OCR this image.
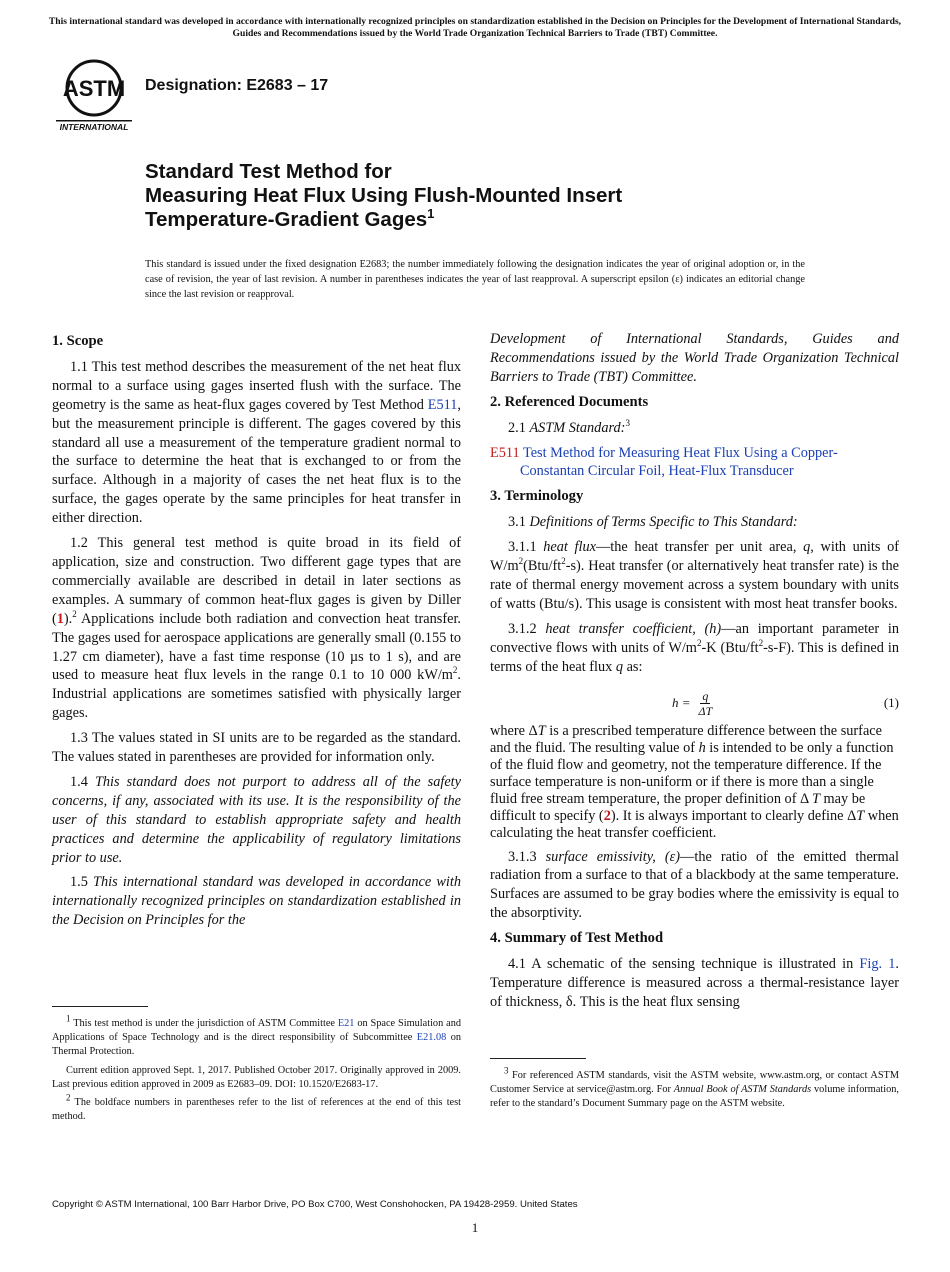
This international standard was developed in accordance with internationally recognized principles on standardization established in the Decision on Principles for the Development of International Standards, Guides and Recommendations issued by the World Trade Organization Technical Barriers to Trade (TBT) Committee.
ASTM
INTERNATIONAL
Designation: E2683 – 17
Standard Test Method for
Measuring Heat Flux Using Flush-Mounted Insert
Temperature-Gradient Gages$^1$
This standard is issued under the fixed designation E2683; the number immediately following the designation indicates the year of original adoption or, in the case of revision, the year of last revision. A number in parentheses indicates the year of last reapproval. A superscript epsilon (ε) indicates an editorial change since the last revision or reapproval.
1. Scope

1.1 This test method describes the measurement of the net heat flux normal to a surface using gages inserted flush with the surface. The geometry is the same as heat-flux gages covered by Test Method E511, but the measurement principle is different. The gages covered by this standard all use a measurement of the temperature gradient normal to the surface to determine the heat that is exchanged to or from the surface. Although in a majority of cases the net heat flux is to the surface, the gages operate by the same principles for heat transfer in either direction.

1.2 This general test method is quite broad in its field of application, size and construction. Two different gage types that are commercially available are described in detail in later sections as examples. A summary of common heat-flux gages is given by Diller (1).$^2$ Applications include both radiation and convection heat transfer. The gages used for aerospace applications are generally small (0.155 to 1.27 cm diameter), have a fast time response (10 µs to 1 s), and are used to measure heat flux levels in the range 0.1 to 10 000 $kW/m^2$. Industrial applications are sometimes satisfied with physically larger gages.

1.3 The values stated in SI units are to be regarded as the standard. The values stated in parentheses are provided for information only.

1.4 This standard does not purport to address all of the safety concerns, if any, associated with its use. It is the responsibility of the user of this standard to establish appropriate safety and health practices and determine the applicability of regulatory limitations prior to use.

1.5 This international standard was developed in accordance with internationally recognized principles on standardization established in the Decision on Principles for the

$^1$ This test method is under the jurisdiction of ASTM Committee E21 on Space Simulation and Applications of Space Technology and is the direct responsibility of Subcommittee E21.08 on Thermal Protection.

Current edition approved Sept. 1, 2017. Published October 2017. Originally approved in 2009. Last previous edition approved in 2009 as E2683–09. DOI: 10.1520/E2683-17.

$^2$ The boldface numbers in parentheses refer to the list of references at the end of this test method.

Development of International Standards, Guides and Recommendations issued by the World Trade Organization Technical Barriers to Trade (TBT) Committee.

2. Referenced Documents

2.1 ASTM Standard:$^3$

E511 Test Method for Measuring Heat Flux Using a Copper-Constantan Circular Foil, Heat-Flux Transducer

3. Terminology

3.1 Definitions of Terms Specific to This Standard:

3.1.1 heat flux—the heat transfer per unit area, q, with units of $W/m^2(Btu/ft^2-s)$. Heat transfer (or alternatively heat transfer rate) is the rate of thermal energy movement across a system boundary with units of watts (Btu/s). This usage is consistent with most heat transfer books.

3.1.2 heat transfer coefficient, (h)—an important parameter in convective flows with units of $W/m^2-K$ $(Btu/ft^2-s-F)$. This is defined in terms of the heat flux q as:

$h = \frac{q}{\Delta T}$	(1)

where ΔT is a prescribed temperature difference between the surface and the fluid. The resulting value of h is intended to be only a function of the fluid flow and geometry, not the temperature difference. If the surface temperature is non-uniform or if there is more than a single fluid free stream temperature, the proper definition of Δ T may be difficult to specify (2). It is always important to clearly define ΔT when calculating the heat transfer coefficient.

3.1.3 surface emissivity, (ε)—the ratio of the emitted thermal radiation from a surface to that of a blackbody at the same temperature. Surfaces are assumed to be gray bodies where the emissivity is equal to the absorptivity.

4. Summary of Test Method

4.1 A schematic of the sensing technique is illustrated in Fig. 1. Temperature difference is measured across a thermal-resistance layer of thickness, δ. This is the heat flux sensing

$^3$ For referenced ASTM standards, visit the ASTM website, www.astm.org, or contact ASTM Customer Service at service@astm.org. For Annual Book of ASTM Standards volume information, refer to the standard’s Document Summary page on the ASTM website.

Copyright © ASTM International, 100 Barr Harbor Drive, PO Box C700, West Conshohocken, PA 19428-2959. United States
1
